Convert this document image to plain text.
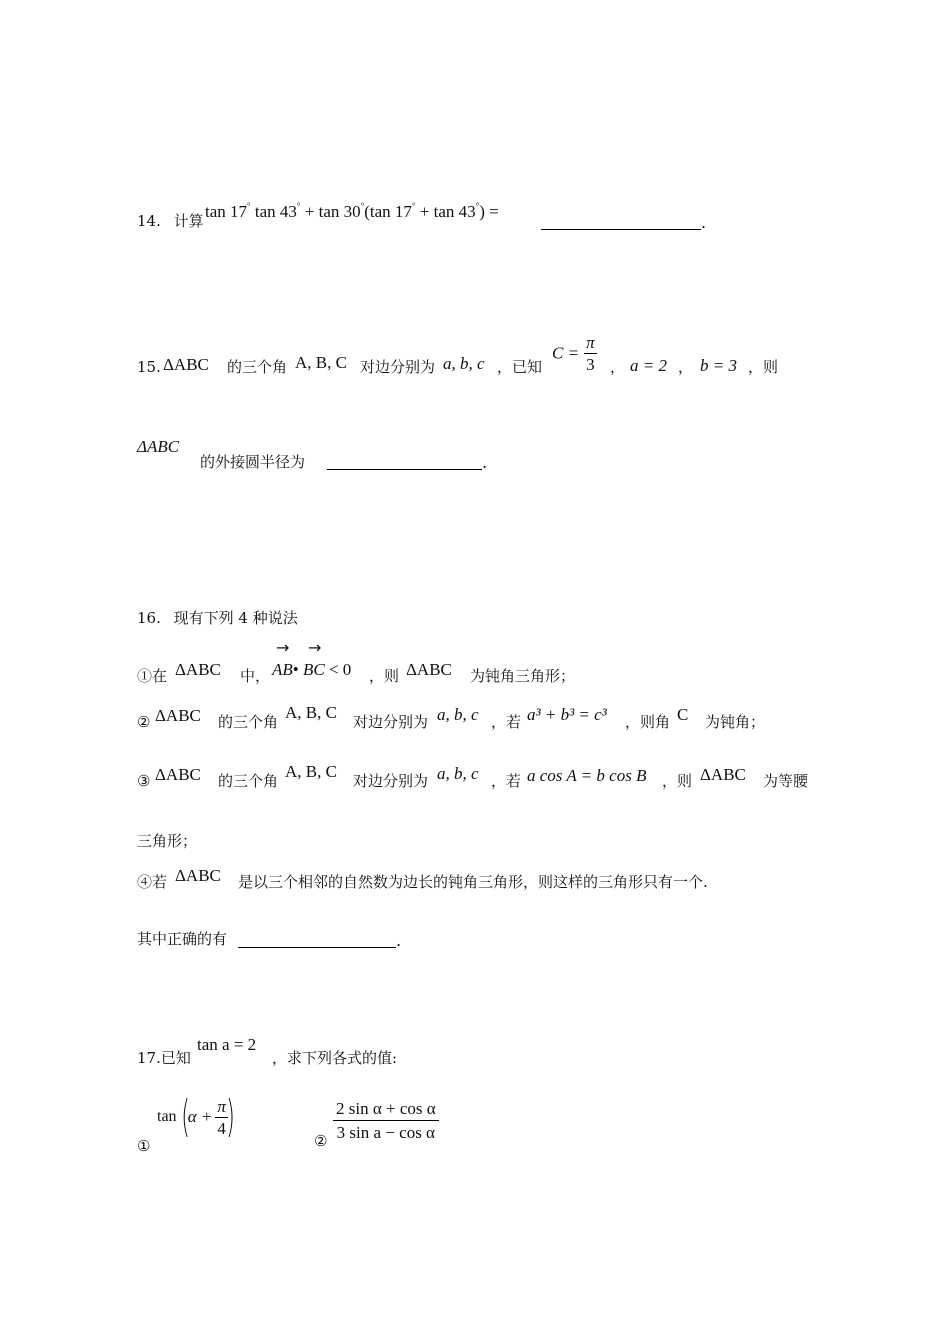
14. 计算 tan 17° tan 43° + tan 30°(tan 17° + tan 43°) =
.
15. ΔABC 的三个角 A, B, C 对边分别为 a, b, c ，已知
$C = \frac{\pi}{3}$ ， a = 2 ， b = 3 ，则
ΔABC
的外接圆半径为	.
16. 现有下列 4 种说法
①在 ΔABC 中， AB• BC < 0
→ →
，则 ΔABC 为钝角三角形；
② ΔABC 的三个角 A, B, C 对边分别为 a, b, c ，若 a³ + b³ = c³ ，则角 C 为钝角；
③ ΔABC 的三个角 A, B, C 对边分别为 a, b, c ，若 a cos A = b cos B ，则 ΔABC 为等腰
三角形；
④若 ΔABC 是以三个相邻的自然数为边长的钝角三角形，则这样的三角形只有一个.
其中正确的有	.
17.已知
tan a = 2
，求下列各式的值:
①
tan (
$\alpha + \frac{\pi}{4}$
)	② $\frac{\text{2 sin α + cos α}}{\text{3 sin a − cos α}}$
